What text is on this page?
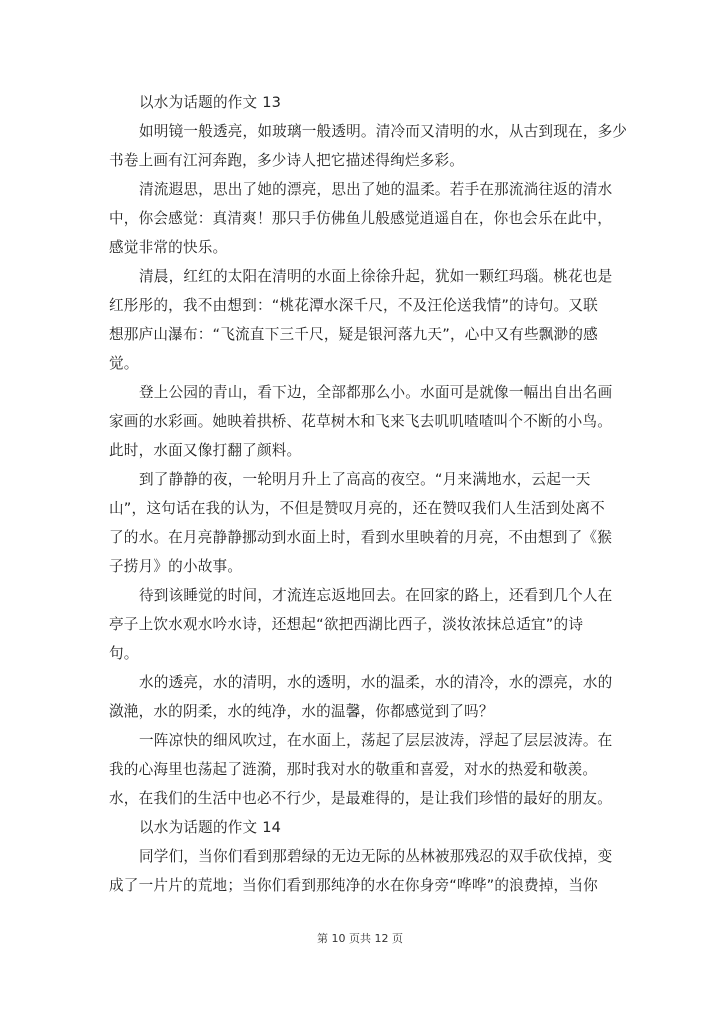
以水为话题的作文 13
如明镜一般透亮，如玻璃一般透明。清冷而又清明的水，从古到现在，多少
书卷上画有江河奔跑，多少诗人把它描述得绚烂多彩。
清流遐思，思出了她的漂亮，思出了她的温柔。若手在那流淌往返的清水
中，你会感觉：真清爽！那只手仿佛鱼儿般感觉逍遥自在，你也会乐在此中，
感觉非常的快乐。
清晨，红红的太阳在清明的水面上徐徐升起，犹如一颗红玛瑙。桃花也是
红彤彤的，我不由想到：“桃花潭水深千尺，不及汪伦送我情”的诗句。又联
想那庐山瀑布：“飞流直下三千尺，疑是银河落九天”，心中又有些飘渺的感
觉。
登上公园的青山，看下边，全部都那么小。水面可是就像一幅出自出名画
家画的水彩画。她映着拱桥、花草树木和飞来飞去叽叽喳喳叫个不断的小鸟。
此时，水面又像打翻了颜料。
到了静静的夜，一轮明月升上了高高的夜空。“月来满地水，云起一天
山”，这句话在我的认为，不但是赞叹月亮的，还在赞叹我们人生活到处离不
了的水。在月亮静静挪动到水面上时，看到水里映着的月亮，不由想到了《猴
子捞月》的小故事。
待到该睡觉的时间，才流连忘返地回去。在回家的路上，还看到几个人在
亭子上饮水观水吟水诗，还想起“欲把西湖比西子，淡妆浓抹总适宜”的诗
句。
水的透亮，水的清明，水的透明，水的温柔，水的清冷，水的漂亮，水的
潋滟，水的阴柔，水的纯净，水的温馨，你都感觉到了吗？
一阵凉快的细风吹过，在水面上，荡起了层层波涛，浮起了层层波涛。在
我的心海里也荡起了涟漪，那时我对水的敬重和喜爱，对水的热爱和敬羡。
水，在我们的生活中也必不行少，是最难得的，是让我们珍惜的最好的朋友。
以水为话题的作文 14
同学们，当你们看到那碧绿的无边无际的丛林被那残忍的双手砍伐掉，变
成了一片片的荒地；当你们看到那纯净的水在你身旁“哗哗”的浪费掉，当你
第 10 页共 12 页
